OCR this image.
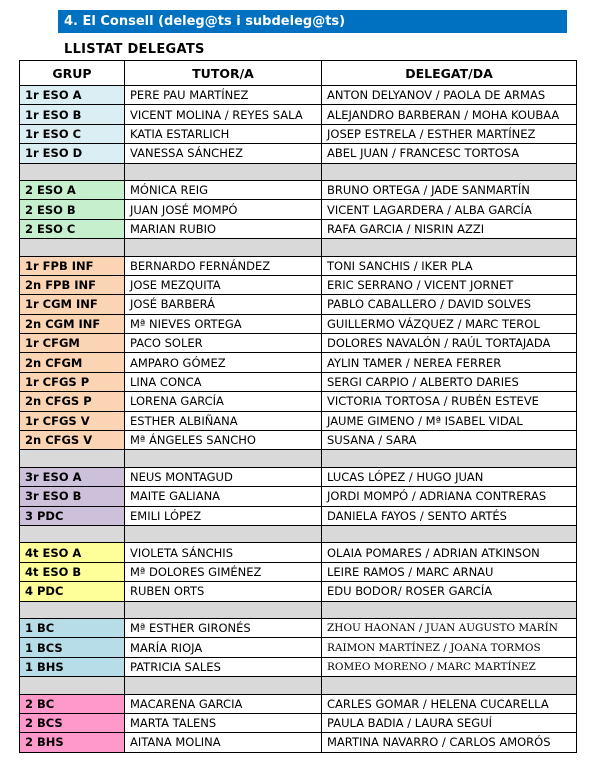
4. El Consell (deleg@ts i subdeleg@ts)
LLISTAT DELEGATS
GRUP	TUTOR/A	DELEGAT/DA
1r ESO A	PERE PAU MARTÍNEZ	ANTON DELYANOV / PAOLA DE ARMAS
1r ESO B	VICENT MOLINA / REYES SALA	ALEJANDRO BARBERAN / MOHA KOUBAA
1r ESO C	KATIA ESTARLICH	JOSEP ESTRELA / ESTHER MARTÍNEZ
1r ESO D	VANESSA SÁNCHEZ	ABEL JUAN / FRANCESC TORTOSA

2 ESO A	MÓNICA REIG	BRUNO ORTEGA / JADE SANMARTÍN
2 ESO B	JUAN JOSÉ MOMPÓ	VICENT LAGARDERA / ALBA GARCÍA
2 ESO C	MARIAN RUBIO	RAFA GARCIA / NISRIN AZZI

1r FPB INF	BERNARDO FERNÁNDEZ	TONI SANCHIS / IKER PLA
2n FPB INF	JOSE MEZQUITA	ERIC SERRANO / VICENT JORNET
1r CGM INF	JOSÉ BARBERÁ	PABLO CABALLERO / DAVID SOLVES
2n CGM INF	Mª NIEVES ORTEGA	GUILLERMO VÁZQUEZ / MARC TEROL
1r CFGM	PACO SOLER	DOLORES NAVALÓN / RAÚL TORTAJADA
2n CFGM	AMPARO GÓMEZ	AYLIN TAMER / NEREA FERRER
1r CFGS P	LINA CONCA	SERGI CARPIO / ALBERTO DARIES
2n CFGS P	LORENA GARCÍA	VICTORIA TORTOSA / RUBÉN ESTEVE
1r CFGS V	ESTHER ALBIÑANA	JAUME GIMENO / Mª ISABEL VIDAL
2n CFGS V	Mª ÁNGELES SANCHO	SUSANA / SARA

3r ESO A	NEUS MONTAGUD	LUCAS LÓPEZ / HUGO JUAN
3r ESO B	MAITE GALIANA	JORDI MOMPÓ / ADRIANA CONTRERAS
3 PDC	EMILI LÓPEZ	DANIELA FAYOS / SENTO ARTÉS

4t ESO A	VIOLETA SÁNCHIS	OLAIA POMARES / ADRIAN ATKINSON
4t ESO B	Mª DOLORES GIMÉNEZ	LEIRE RAMOS / MARC ARNAU
4 PDC	RUBEN ORTS	EDU BODOR/ ROSER GARCÍA

1 BC	Mª ESTHER GIRONÉS	ZHOU HAONAN / JUAN AUGUSTO MARÍN
1 BCS	MARÍA RIOJA	RAIMON MARTÍNEZ / JOANA TORMOS
1 BHS	PATRICIA SALES	ROMEO MORENO / MARC MARTÍNEZ

2 BC	MACARENA GARCIA	CARLES GOMAR / HELENA CUCARELLA
2 BCS	MARTA TALENS	PAULA BADIA / LAURA SEGUÍ
2 BHS	AITANA MOLINA	MARTINA NAVARRO / CARLOS AMORÓS
